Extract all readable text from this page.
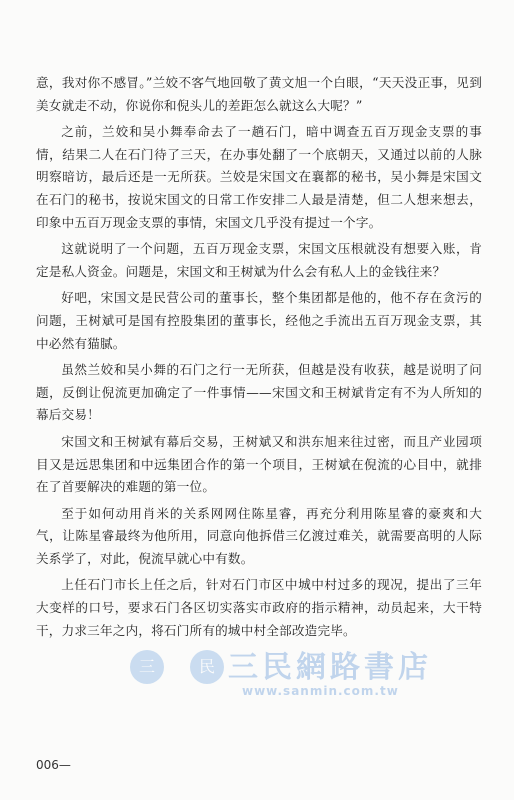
意，我对你不感冒。”兰姣不客气地回敬了黄文旭一个白眼，“天天没正事，见到美女就走不动，你说你和倪头儿的差距怎么就这么大呢？”

之前，兰姣和吴小舞奉命去了一趟石门，暗中调查五百万现金支票的事情，结果二人在石门待了三天，在办事处翻了一个底朝天，又通过以前的人脉明察暗访，最后还是一无所获。兰姣是宋国文在襄都的秘书，吴小舞是宋国文在石门的秘书，按说宋国文的日常工作安排二人最是清楚，但二人想来想去，印象中五百万现金支票的事情，宋国文几乎没有提过一个字。

这就说明了一个问题，五百万现金支票，宋国文压根就没有想要入账，肯定是私人资金。问题是，宋国文和王树斌为什么会有私人上的金钱往来？

好吧，宋国文是民营公司的董事长，整个集团都是他的，他不存在贪污的问题，王树斌可是国有控股集团的董事长，经他之手流出五百万现金支票，其中必然有猫腻。

虽然兰姣和吴小舞的石门之行一无所获，但越是没有收获，越是说明了问题，反倒让倪流更加确定了一件事情——宋国文和王树斌肯定有不为人所知的幕后交易！

宋国文和王树斌有幕后交易，王树斌又和洪东旭来往过密，而且产业园项目又是远思集团和中远集团合作的第一个项目，王树斌在倪流的心目中，就排在了首要解决的难题的第一位。

至于如何动用肖米的关系网网住陈星睿，再充分利用陈星睿的豪爽和大气，让陈星睿最终为他所用，同意向他拆借三亿渡过难关，就需要高明的人际关系学了，对此，倪流早就心中有数。

上任石门市长上任之后，针对石门市区中城中村过多的现况，提出了三年大变样的口号，要求石门各区切实落实市政府的指示精神，动员起来，大干特干，力求三年之内，将石门所有的城中村全部改造完毕。

三	民 三民網路書店
www.sanmin.com.tw
006—
